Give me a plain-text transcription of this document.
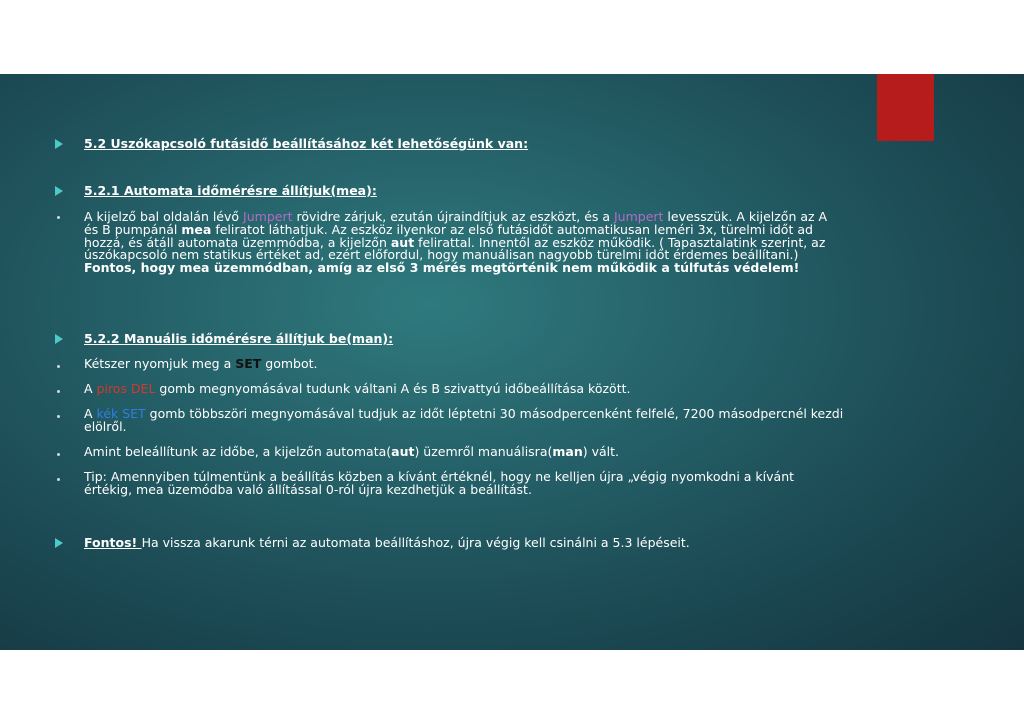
5.2 Uszókapcsoló futásidő beállításához két lehetőségünk van:
5.2.1 Automata időmérésre állítjuk(mea):
A kijelző bal oldalán lévő Jumpert rövidre zárjuk, ezután újraindítjuk az eszközt, és a Jumpert levesszük. A kijelzőn az A és B pumpánál mea feliratot láthatjuk. Az eszköz ilyenkor az első futásidőt automatikusan leméri 3x, türelmi időt ad hozzá, és átáll automata üzemmódba, a kijelzőn aut felirattal. Innentől az eszköz működik. ( Tapasztalatink szerint, az úszókapcsoló nem statikus értéket ad, ezért előfordul, hogy manuálisan nagyobb türelmi időt érdemes beállítani.) Fontos, hogy mea üzemmódban, amíg az első 3 mérés megtörténik nem működik a túlfutás védelem!
5.2.2 Manuális időmérésre állítjuk be(man):
Kétszer nyomjuk meg a SET gombot.
A piros DEL gomb megnyomásával tudunk váltani A és B szivattyú időbeállítása között.
A kék SET gomb többszöri megnyomásával tudjuk az időt léptetni 30 másodpercenként felfelé, 7200 másodpercnél kezdi elölről.
Amint beleállítunk az időbe, a kijelzőn automata(aut) üzemről manuálisra(man) vált.
Tip: Amennyiben túlmentünk a beállítás közben a kívánt értéknél, hogy ne kelljen újra „végig nyomkodni a kívánt értékig, mea üzemódba való állítással 0-ról újra kezdhetjük a beállítást.
Fontos! Ha vissza akarunk térni az automata beállításhoz, újra végig kell csinálni a 5.3 lépéseit.
